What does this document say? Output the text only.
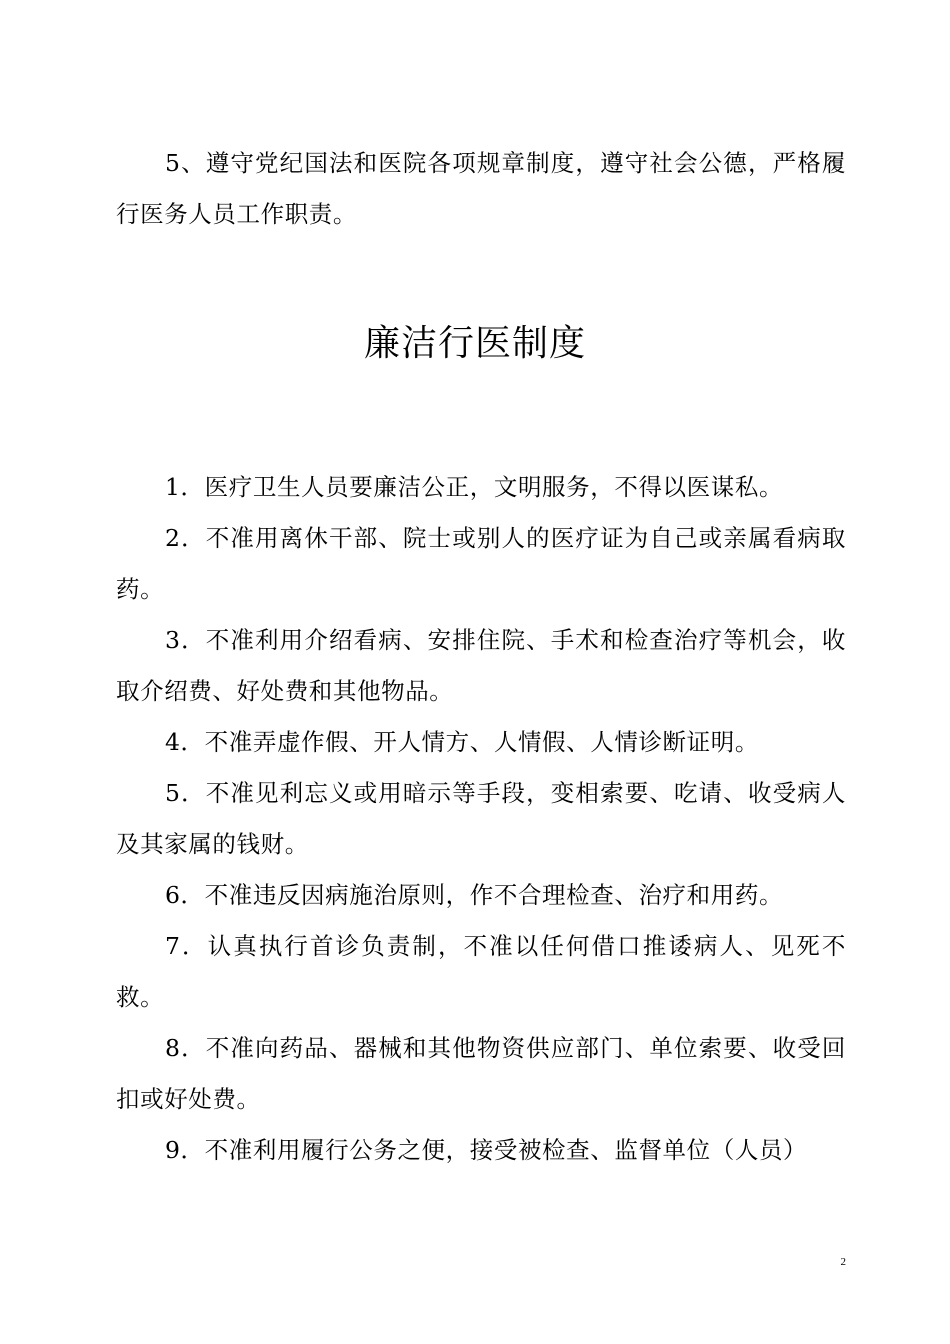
5、遵守党纪国法和医院各项规章制度，遵守社会公德，严格履行医务人员工作职责。

廉洁行医制度

1．医疗卫生人员要廉洁公正，文明服务，不得以医谋私。

2．不准用离休干部、院士或别人的医疗证为自己或亲属看病取药。

3．不准利用介绍看病、安排住院、手术和检查治疗等机会，收取介绍费、好处费和其他物品。

4．不准弄虚作假、开人情方、人情假、人情诊断证明。

5．不准见利忘义或用暗示等手段，变相索要、吃请、收受病人及其家属的钱财。

6．不准违反因病施治原则，作不合理检查、治疗和用药。

7．认真执行首诊负责制，不准以任何借口推诿病人、见死不救。

8．不准向药品、器械和其他物资供应部门、单位索要、收受回扣或好处费。

9．不准利用履行公务之便，接受被检查、监督单位（人员）

2
